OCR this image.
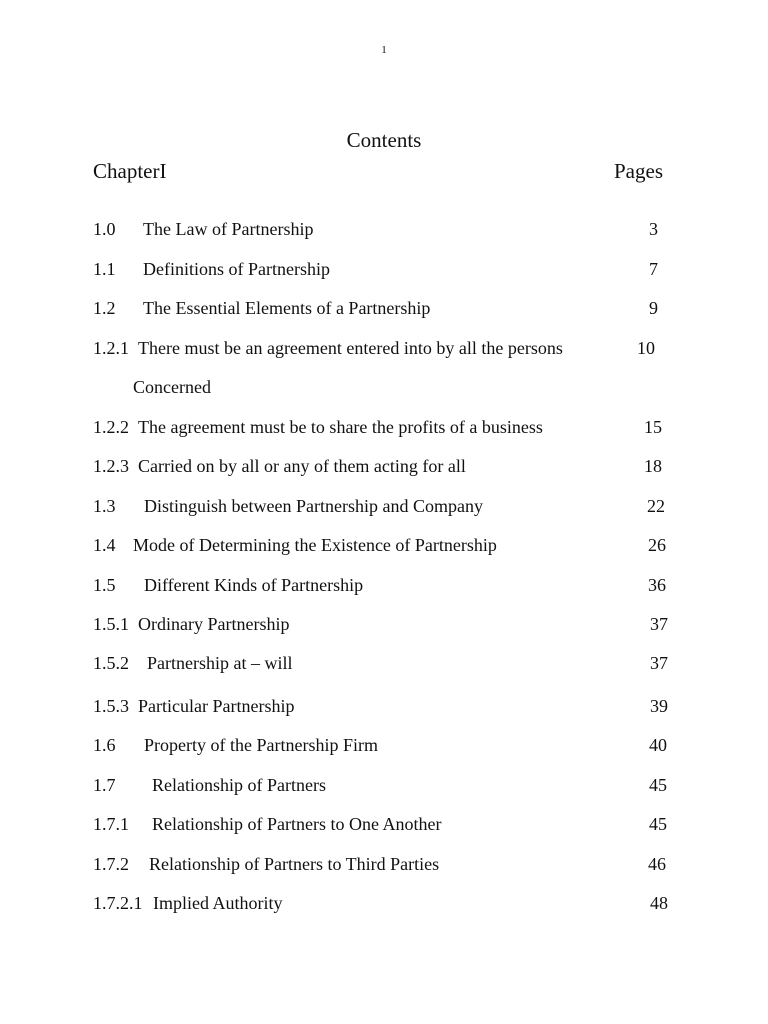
1
Contents
ChapterI	Pages
1.0 The Law of Partnership	3
1.1 Definitions of Partnership	7
1.2 The Essential Elements of a Partnership	9
1.2.1 There must be an agreement entered into by all the persons	10
Concerned
1.2.2 The agreement must be to share the profits of a business	15
1.2.3 Carried on by all or any of them acting for all	18
1.3 Distinguish between Partnership and Company	22
1.4 Mode of Determining the Existence of Partnership	26
1.5 Different Kinds of Partnership	36
1.5.1 Ordinary Partnership	37
1.5.2 Partnership at – will	37
1.5.3 Particular Partnership	39
1.6 Property of the Partnership Firm	40
1.7 Relationship of Partners	45
1.7.1 Relationship of Partners to One Another	45
1.7.2 Relationship of Partners to Third Parties	46
1.7.2.1 Implied Authority	48
